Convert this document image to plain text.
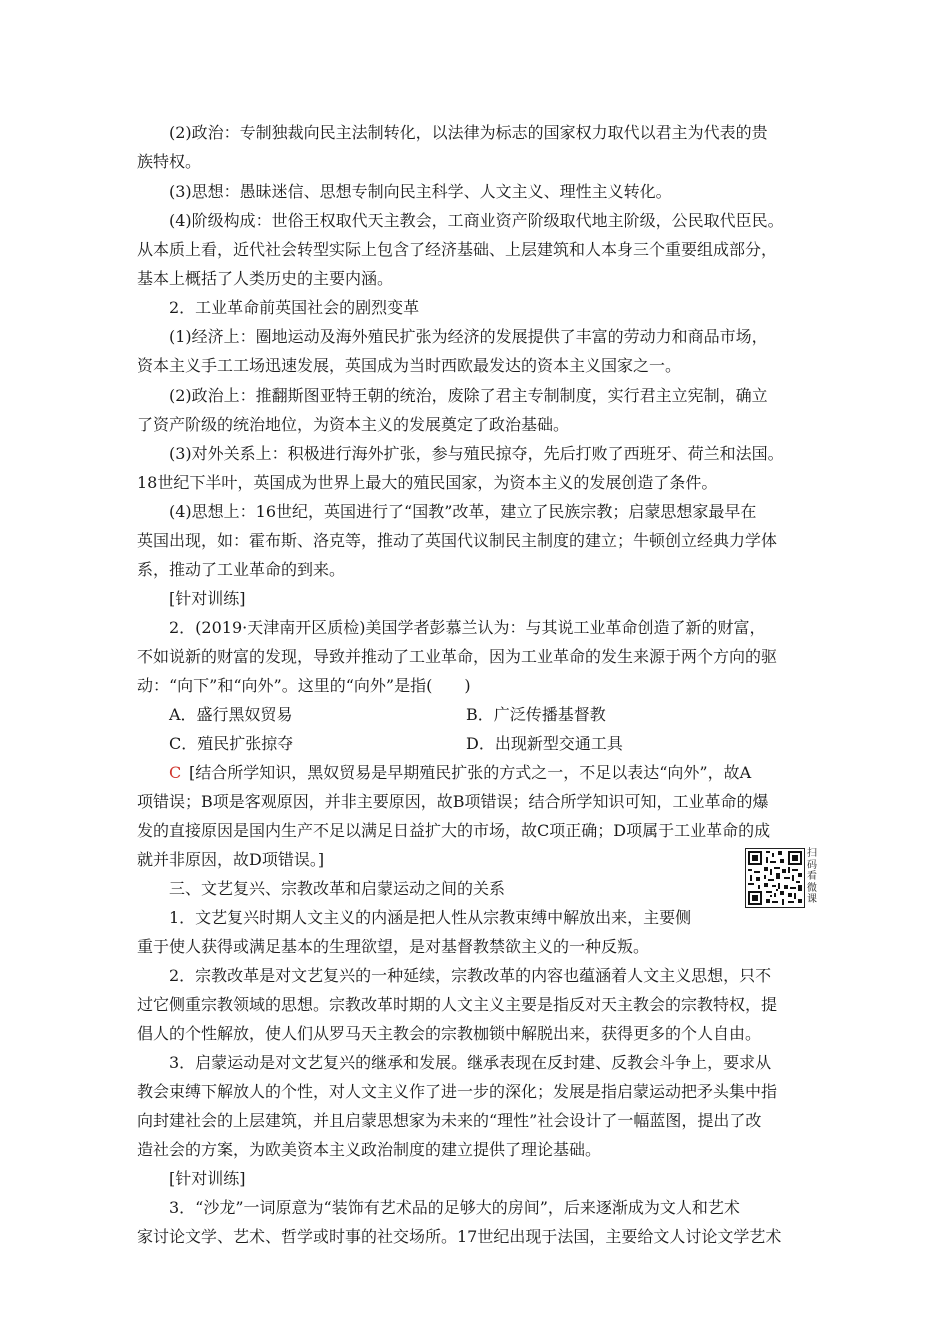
(2)政治：专制独裁向民主法制转化，以法律为标志的国家权力取代以君主为代表的贵
族特权。
(3)思想：愚昧迷信、思想专制向民主科学、人文主义、理性主义转化。
(4)阶级构成：世俗王权取代天主教会，工商业资产阶级取代地主阶级，公民取代臣民。
从本质上看，近代社会转型实际上包含了经济基础、上层建筑和人本身三个重要组成部分，
基本上概括了人类历史的主要内涵。
2．工业革命前英国社会的剧烈变革
(1)经济上：圈地运动及海外殖民扩张为经济的发展提供了丰富的劳动力和商品市场，
资本主义手工工场迅速发展，英国成为当时西欧最发达的资本主义国家之一。
(2)政治上：推翻斯图亚特王朝的统治，废除了君主专制制度，实行君主立宪制，确立
了资产阶级的统治地位，为资本主义的发展奠定了政治基础。
(3)对外关系上：积极进行海外扩张，参与殖民掠夺，先后打败了西班牙、荷兰和法国。
18世纪下半叶，英国成为世界上最大的殖民国家，为资本主义的发展创造了条件。
(4)思想上：16世纪，英国进行了“国教”改革，建立了民族宗教；启蒙思想家最早在
英国出现，如：霍布斯、洛克等，推动了英国代议制民主制度的建立；牛顿创立经典力学体
系，推动了工业革命的到来。
[针对训练]
2．(2019·天津南开区质检)美国学者彭慕兰认为：与其说工业革命创造了新的财富，
不如说新的财富的发现，导致并推动了工业革命，因为工业革命的发生来源于两个方向的驱
动：“向下”和“向外”。这里的“向外”是指(　　)
A．盛行黑奴贸易	B．广泛传播基督教
C．殖民扩张掠夺	D．出现新型交通工具
C [结合所学知识，黑奴贸易是早期殖民扩张的方式之一，不足以表达“向外”，故A
项错误；B项是客观原因，并非主要原因，故B项错误；结合所学知识可知，工业革命的爆
发的直接原因是国内生产不足以满足日益扩大的市场，故C项正确；D项属于工业革命的成
就并非原因，故D项错误。]
三、文艺复兴、宗教改革和启蒙运动之间的关系
1．文艺复兴时期人文主义的内涵是把人性从宗教束缚中解放出来，主要侧
重于使人获得或满足基本的生理欲望，是对基督教禁欲主义的一种反叛。
2．宗教改革是对文艺复兴的一种延续，宗教改革的内容也蕴涵着人文主义思想，只不
过它侧重宗教领域的思想。宗教改革时期的人文主义主要是指反对天主教会的宗教特权，提
倡人的个性解放，使人们从罗马天主教会的宗教枷锁中解脱出来，获得更多的个人自由。
3．启蒙运动是对文艺复兴的继承和发展。继承表现在反封建、反教会斗争上，要求从
教会束缚下解放人的个性，对人文主义作了进一步的深化；发展是指启蒙运动把矛头集中指
向封建社会的上层建筑，并且启蒙思想家为未来的“理性”社会设计了一幅蓝图，提出了改
造社会的方案，为欧美资本主义政治制度的建立提供了理论基础。
[针对训练]
3．“沙龙”一词原意为“装饰有艺术品的足够大的房间”，后来逐渐成为文人和艺术
家讨论文学、艺术、哲学或时事的社交场所。17世纪出现于法国，主要给文人讨论文学艺术
扫
码
看
微
课
